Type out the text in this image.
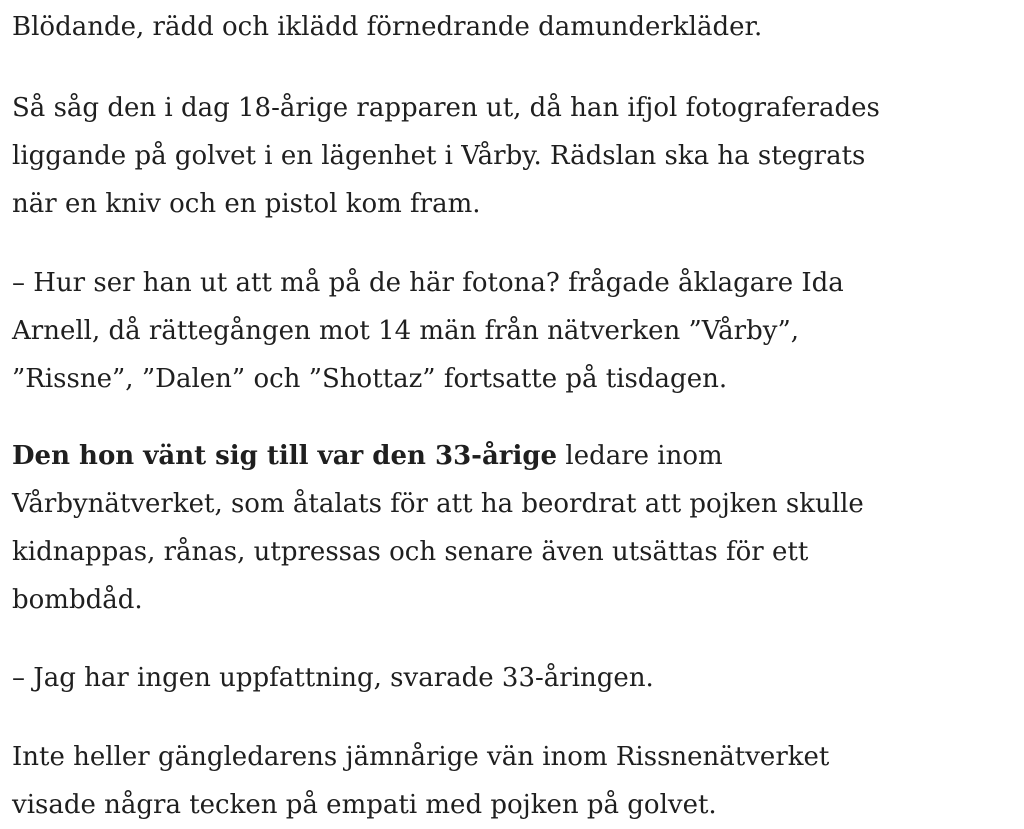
Blödande, rädd och iklädd förnedrande damunderkläder.

Så såg den i dag 18-årige rapparen ut, då han ifjol fotograferades
liggande på golvet i en lägenhet i Vårby. Rädslan ska ha stegrats
när en kniv och en pistol kom fram.

– Hur ser han ut att må på de här fotona? frågade åklagare Ida
Arnell, då rättegången mot 14 män från nätverken ”Vårby”,
”Rissne”, ”Dalen” och ”Shottaz” fortsatte på tisdagen.

Den hon vänt sig till var den 33-årige ledare inom
Vårbynätverket, som åtalats för att ha beordrat att pojken skulle
kidnappas, rånas, utpressas och senare även utsättas för ett
bombdåd.

– Jag har ingen uppfattning, svarade 33-åringen.

Inte heller gängledarens jämnårige vän inom Rissnenätverket
visade några tecken på empati med pojken på golvet.
